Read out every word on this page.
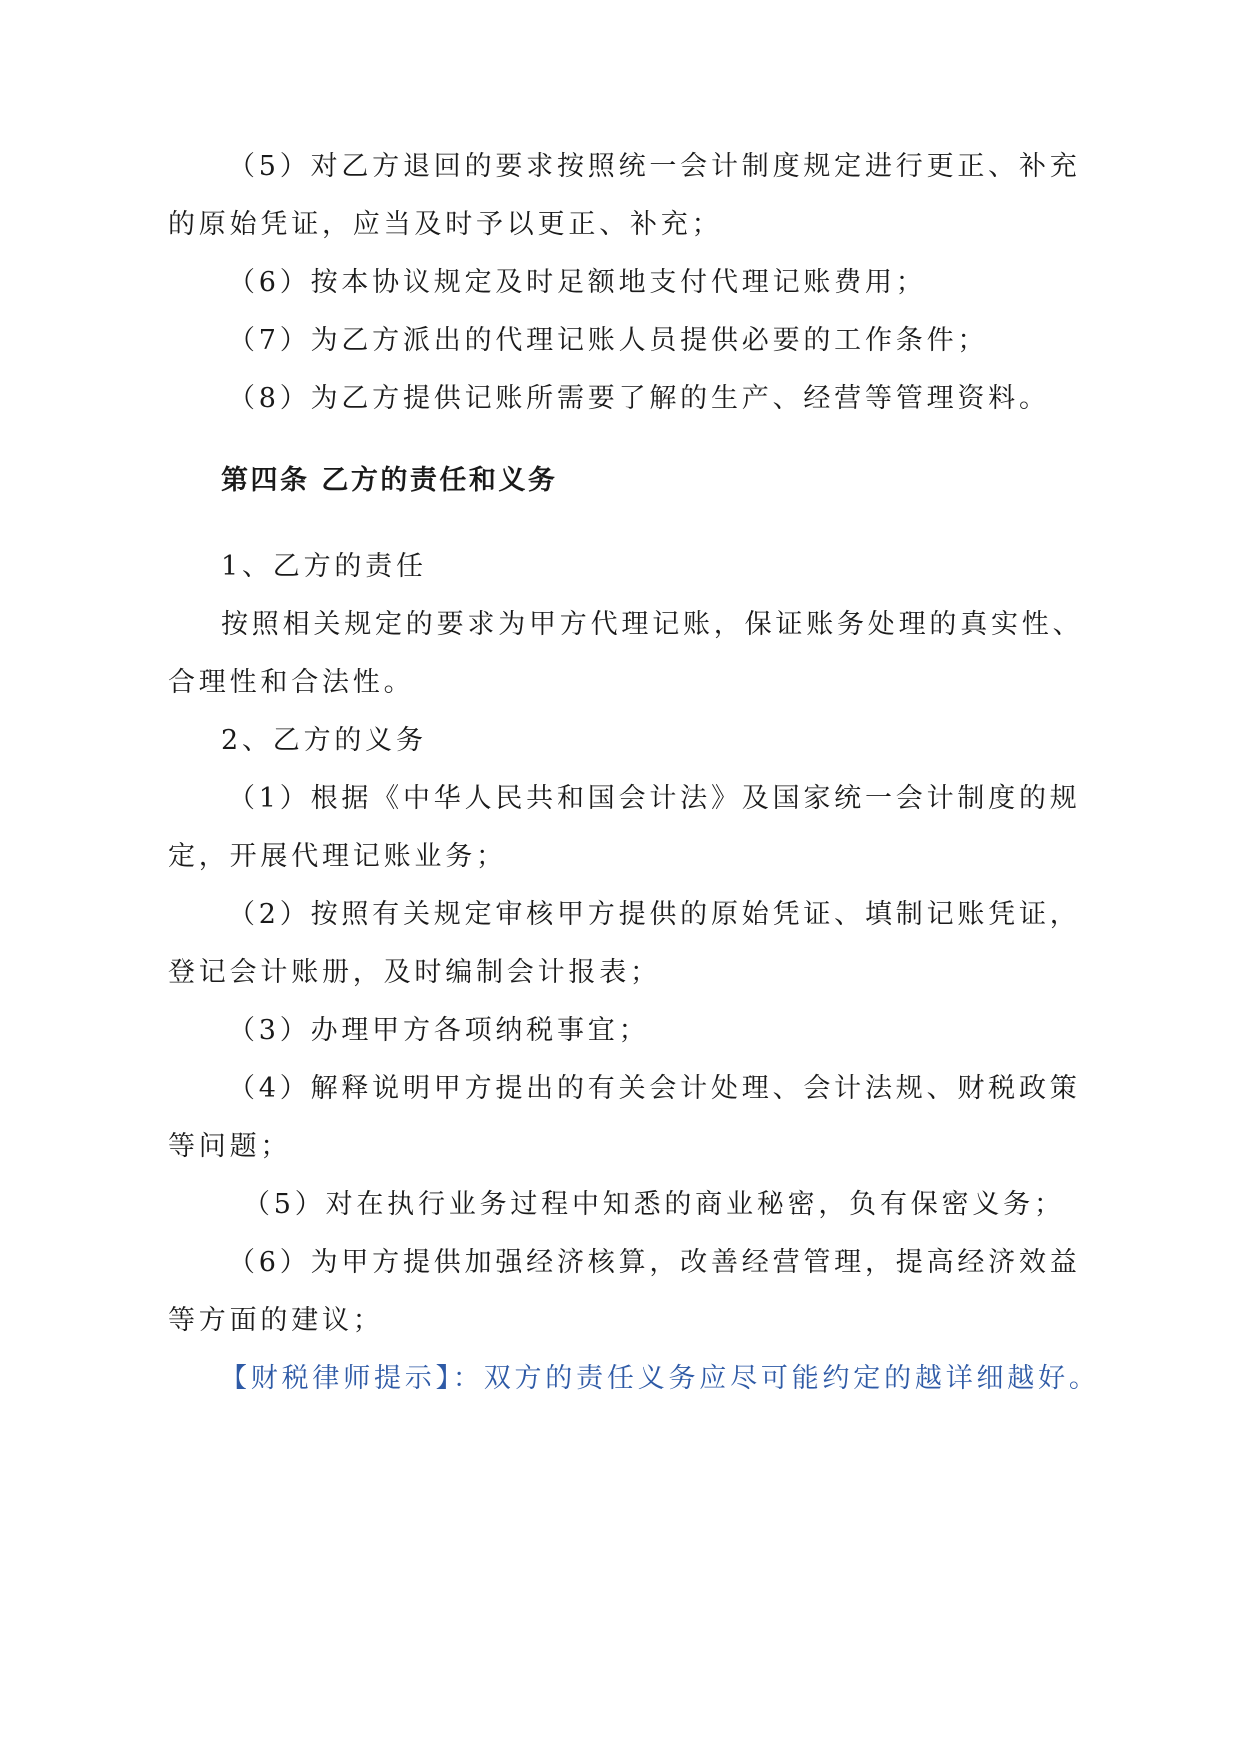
（5）对乙方退回的要求按照统一会计制度规定进行更正、补充
的原始凭证，应当及时予以更正、补充；
（6）按本协议规定及时足额地支付代理记账费用；
（7）为乙方派出的代理记账人员提供必要的工作条件；
（8）为乙方提供记账所需要了解的生产、经营等管理资料。
第四条 乙方的责任和义务
1、乙方的责任
按照相关规定的要求为甲方代理记账，保证账务处理的真实性、
合理性和合法性。
2、乙方的义务
（1）根据《中华人民共和国会计法》及国家统一会计制度的规
定，开展代理记账业务；
（2）按照有关规定审核甲方提供的原始凭证、填制记账凭证，
登记会计账册，及时编制会计报表；
（3）办理甲方各项纳税事宜；
（4）解释说明甲方提出的有关会计处理、会计法规、财税政策
等问题；
（5）对在执行业务过程中知悉的商业秘密，负有保密义务；
（6）为甲方提供加强经济核算，改善经营管理，提高经济效益
等方面的建议；
【财税律师提示】：双方的责任义务应尽可能约定的越详细越好。
